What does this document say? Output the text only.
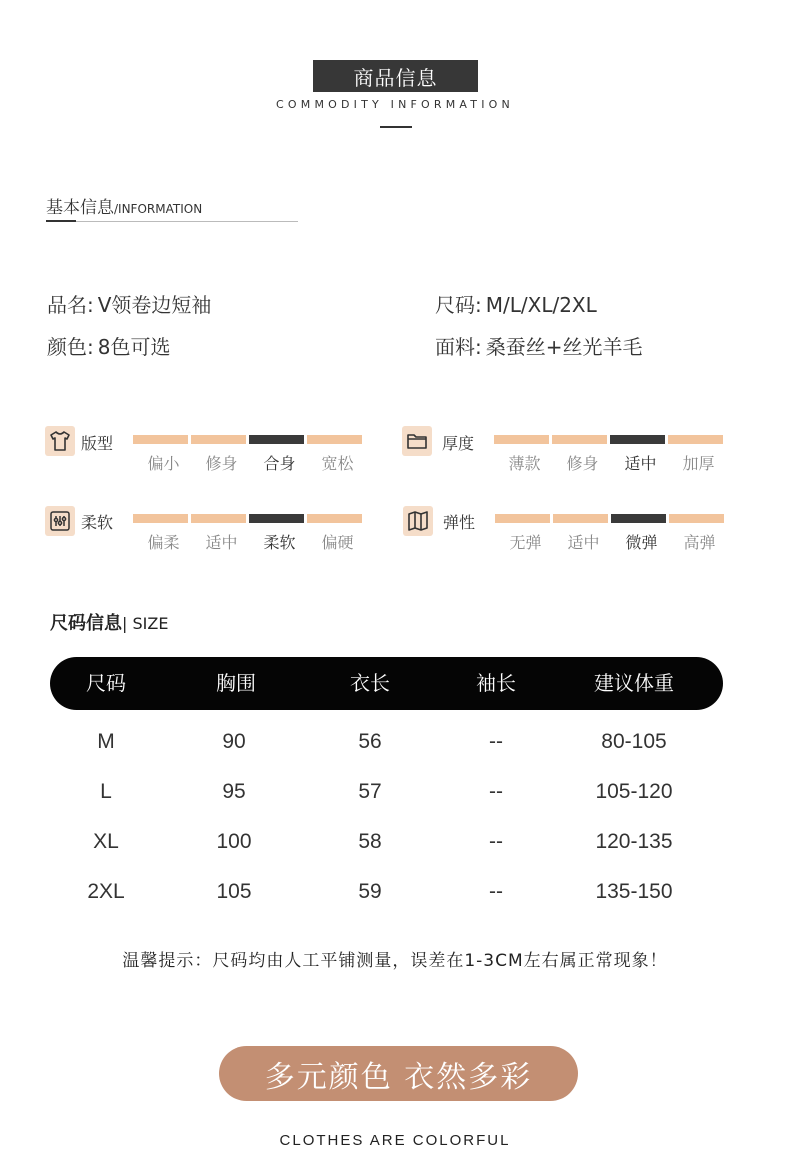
商品信息
COMMODITY INFORMATION
基本信息/INFORMATION
品名: V领卷边短袖	尺码: M/L/XL/2XL
颜色: 8色可选	面料: 桑蚕丝+丝光羊毛
版型
偏小	修身	合身	宽松
厚度
薄款	修身	适中	加厚
柔软
偏柔	适中	柔软	偏硬
弹性
无弹	适中	微弹	高弹
尺码信息| SIZE
尺码	胸围	衣长	袖长	建议体重
M	90	56	--	80-105
L	95	57	--	105-120
XL	100	58	--	120-135
2XL	105	59	--	135-150
温馨提示：尺码均由人工平铺测量，误差在1-3CM左右属正常现象！
多元颜色 衣然多彩
CLOTHES ARE COLORFUL
